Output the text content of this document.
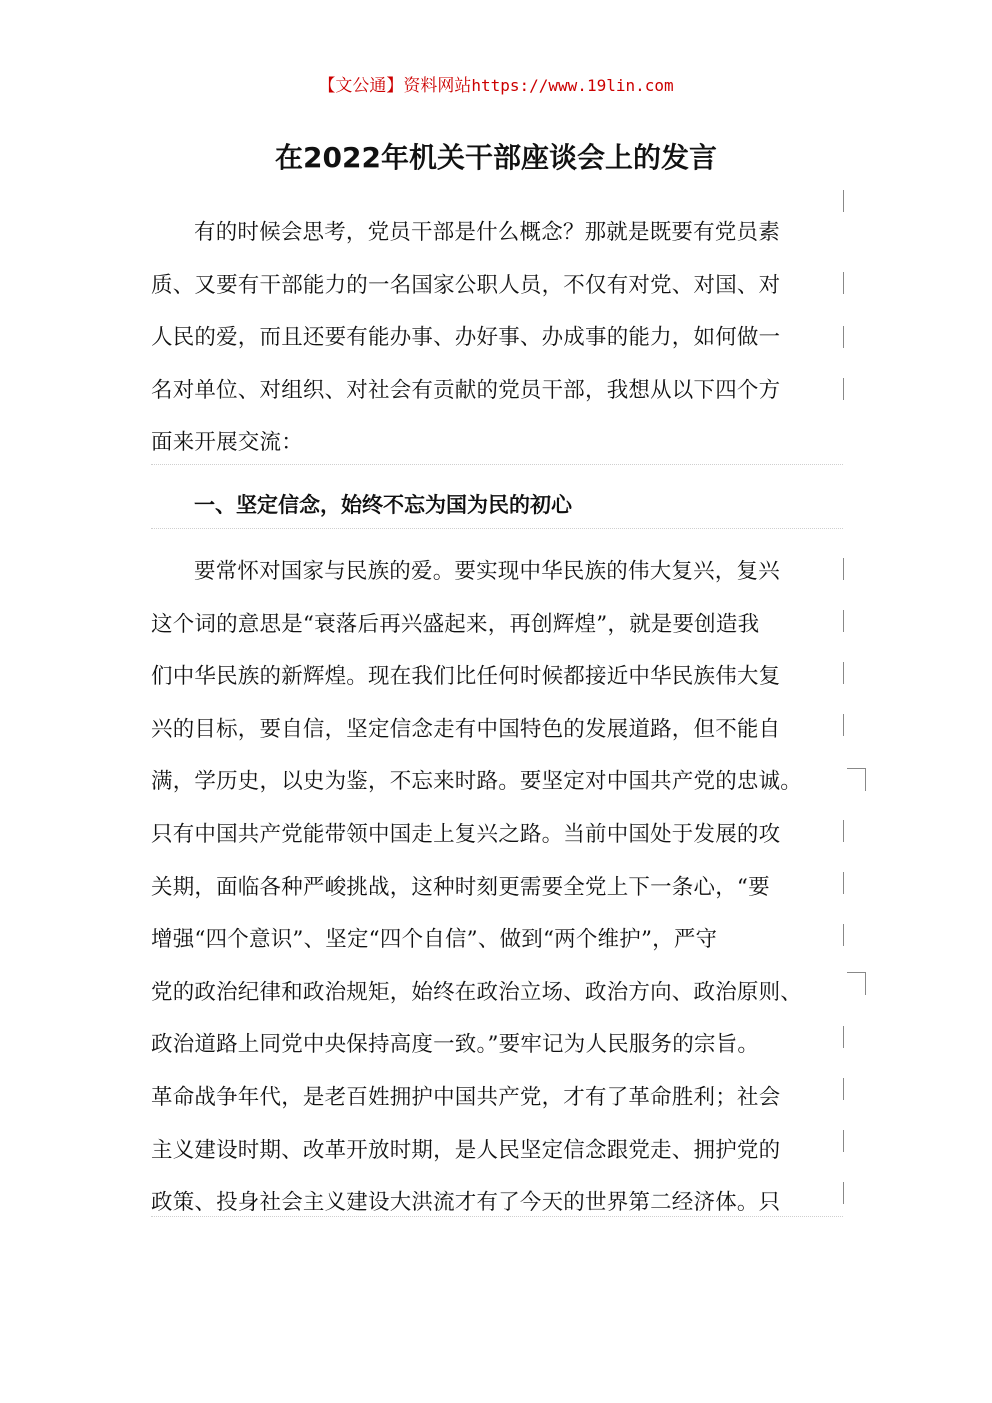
【文公通】资料网站https://www.19lin.com
在2022年机关干部座谈会上的发言
有的时候会思考，党员干部是什么概念？那就是既要有党员素
质、又要有干部能力的一名国家公职人员，不仅有对党、对国、对
人民的爱，而且还要有能办事、办好事、办成事的能力，如何做一
名对单位、对组织、对社会有贡献的党员干部，我想从以下四个方
面来开展交流：
一、坚定信念，始终不忘为国为民的初心
要常怀对国家与民族的爱。要实现中华民族的伟大复兴，复兴
这个词的意思是“衰落后再兴盛起来，再创辉煌”，就是要创造我
们中华民族的新辉煌。现在我们比任何时候都接近中华民族伟大复
兴的目标，要自信，坚定信念走有中国特色的发展道路，但不能自
满，学历史，以史为鉴，不忘来时路。要坚定对中国共产党的忠诚。
只有中国共产党能带领中国走上复兴之路。当前中国处于发展的攻
关期，面临各种严峻挑战，这种时刻更需要全党上下一条心，“要
增强“四个意识”、坚定“四个自信”、做到“两个维护”，严守
党的政治纪律和政治规矩，始终在政治立场、政治方向、政治原则、
政治道路上同党中央保持高度一致。”要牢记为人民服务的宗旨。
革命战争年代，是老百姓拥护中国共产党，才有了革命胜利；社会
主义建设时期、改革开放时期，是人民坚定信念跟党走、拥护党的
政策、投身社会主义建设大洪流才有了今天的世界第二经济体。只
